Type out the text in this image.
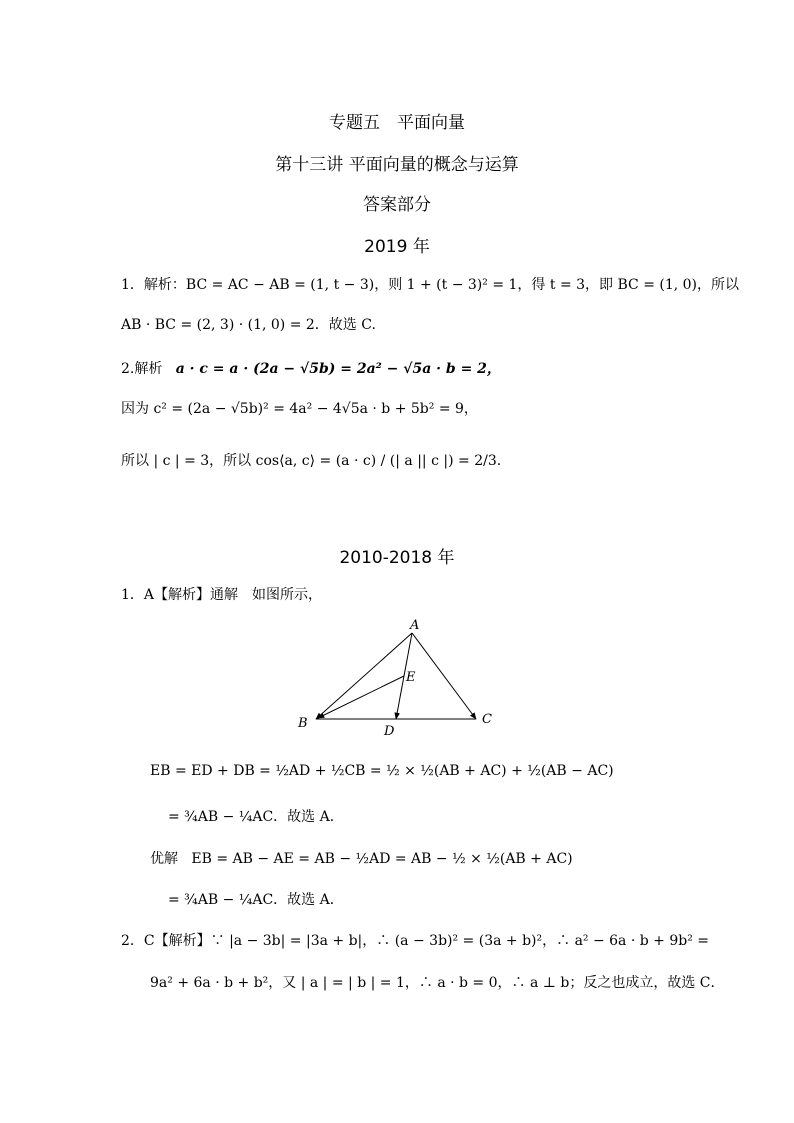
专题五　平面向量
第十三讲 平面向量的概念与运算
答案部分
2019 年
1．解析：BC = AC − AB = (1, t − 3)，则 1 + (t − 3)² = 1，得 t = 3，即 BC = (1, 0)，所以
AB · BC = (2, 3) · (1, 0) = 2．故选 C.
2.解析 a · c = a · (2a − √5b) = 2a² − √5a · b = 2，
因为 c² = (2a − √5b)² = 4a² − 4√5a · b + 5b² = 9，
所以 | c | = 3，所以 cos⟨a, c⟩ = (a · c) / (| a || c |) = 2/3.
2010-2018 年
1．A【解析】通解　如图所示，
A
B	C
D
E
EB = ED + DB = ½AD + ½CB = ½ × ½(AB + AC) + ½(AB − AC)
= ¾AB − ¼AC．故选 A．
优解 EB = AB − AE = AB − ½AD = AB − ½ × ½(AB + AC)
= ¾AB − ¼AC．故选 A．
2．C【解析】∵ |a − 3b| = |3a + b|，∴ (a − 3b)² = (3a + b)²，∴ a² − 6a · b + 9b² =
9a² + 6a · b + b²，又 | a | = | b | = 1，∴ a · b = 0，∴ a ⊥ b；反之也成立，故选 C．
